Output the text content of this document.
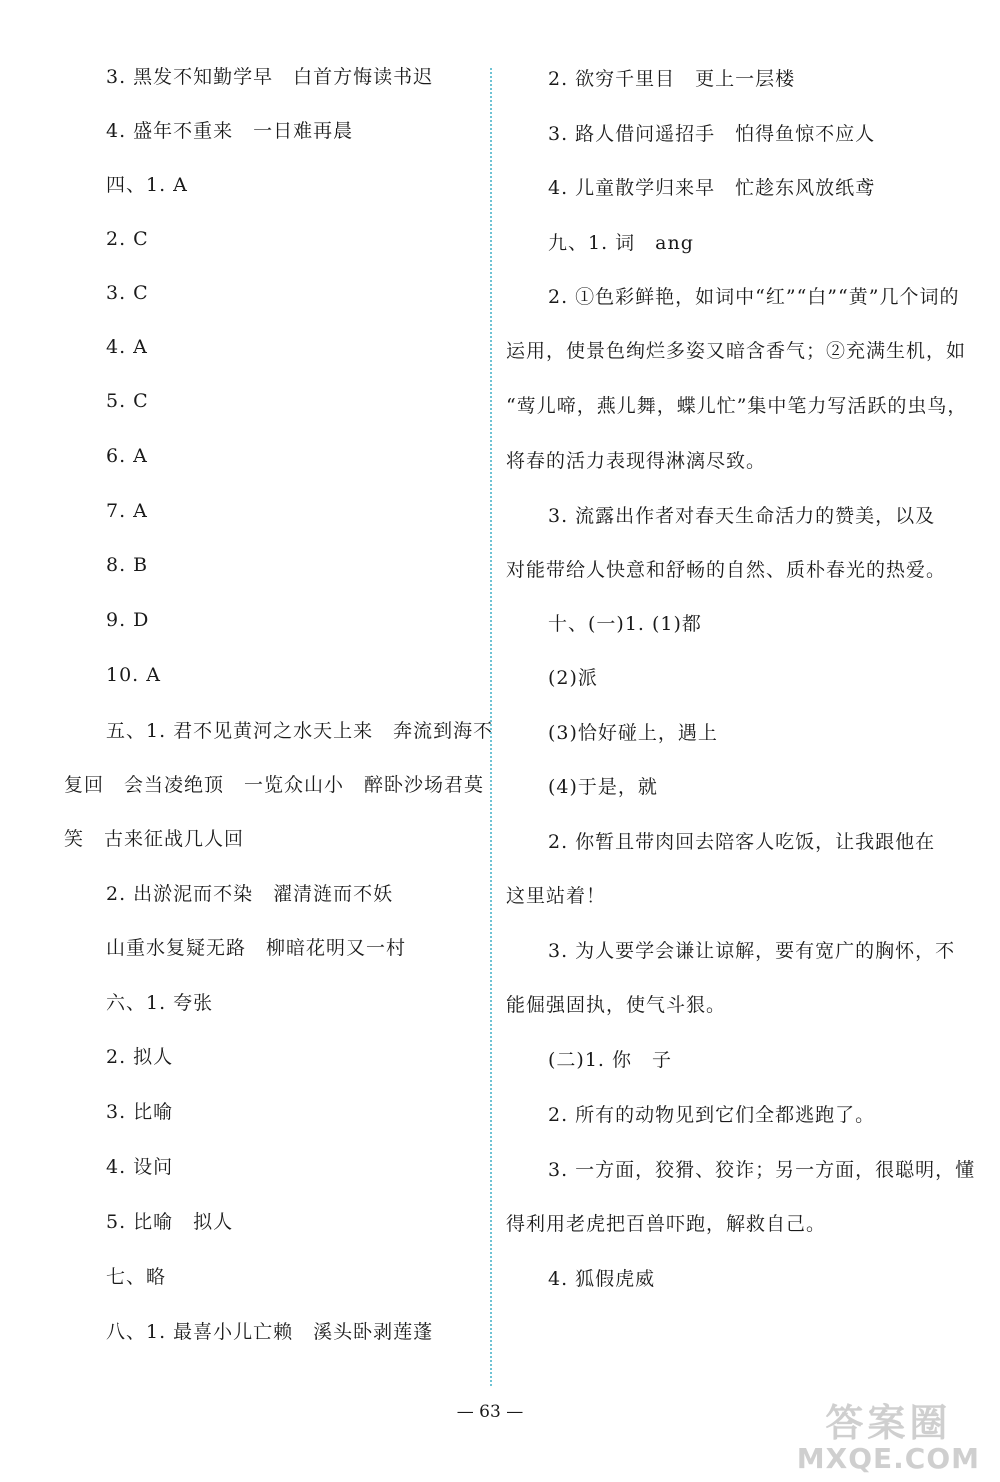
3. 黑发不知勤学早　白首方悔读书迟
4. 盛年不重来　一日难再晨
四、1. A
2. C
3. C
4. A
5. C
6. A
7. A
8. B
9. D
10. A
五、1. 君不见黄河之水天上来　奔流到海不
复回　会当凌绝顶　一览众山小　醉卧沙场君莫
笑　古来征战几人回
2. 出淤泥而不染　濯清涟而不妖
山重水复疑无路　柳暗花明又一村
六、1. 夸张
2. 拟人
3. 比喻
4. 设问
5. 比喻　拟人
七、略
八、1. 最喜小儿亡赖　溪头卧剥莲蓬
2. 欲穷千里目　更上一层楼
3. 路人借问遥招手　怕得鱼惊不应人
4. 儿童散学归来早　忙趁东风放纸鸢
九、1. 词　ang
2. ①色彩鲜艳，如词中“红”“白”“黄”几个词的
运用，使景色绚烂多姿又暗含香气；②充满生机，如
“莺儿啼，燕儿舞，蝶儿忙”集中笔力写活跃的虫鸟，
将春的活力表现得淋漓尽致。
3. 流露出作者对春天生命活力的赞美，以及
对能带给人快意和舒畅的自然、质朴春光的热爱。
十、(一)1. (1)都
(2)派
(3)恰好碰上，遇上
(4)于是，就
2. 你暂且带肉回去陪客人吃饭，让我跟他在
这里站着！
3. 为人要学会谦让谅解，要有宽广的胸怀，不
能倔强固执，使气斗狠。
(二)1. 你　子
2. 所有的动物见到它们全都逃跑了。
3. 一方面，狡猾、狡诈；另一方面，很聪明，懂
得利用老虎把百兽吓跑，解救自己。
4. 狐假虎威
— 63 —	答案圈
MXQE.COM
